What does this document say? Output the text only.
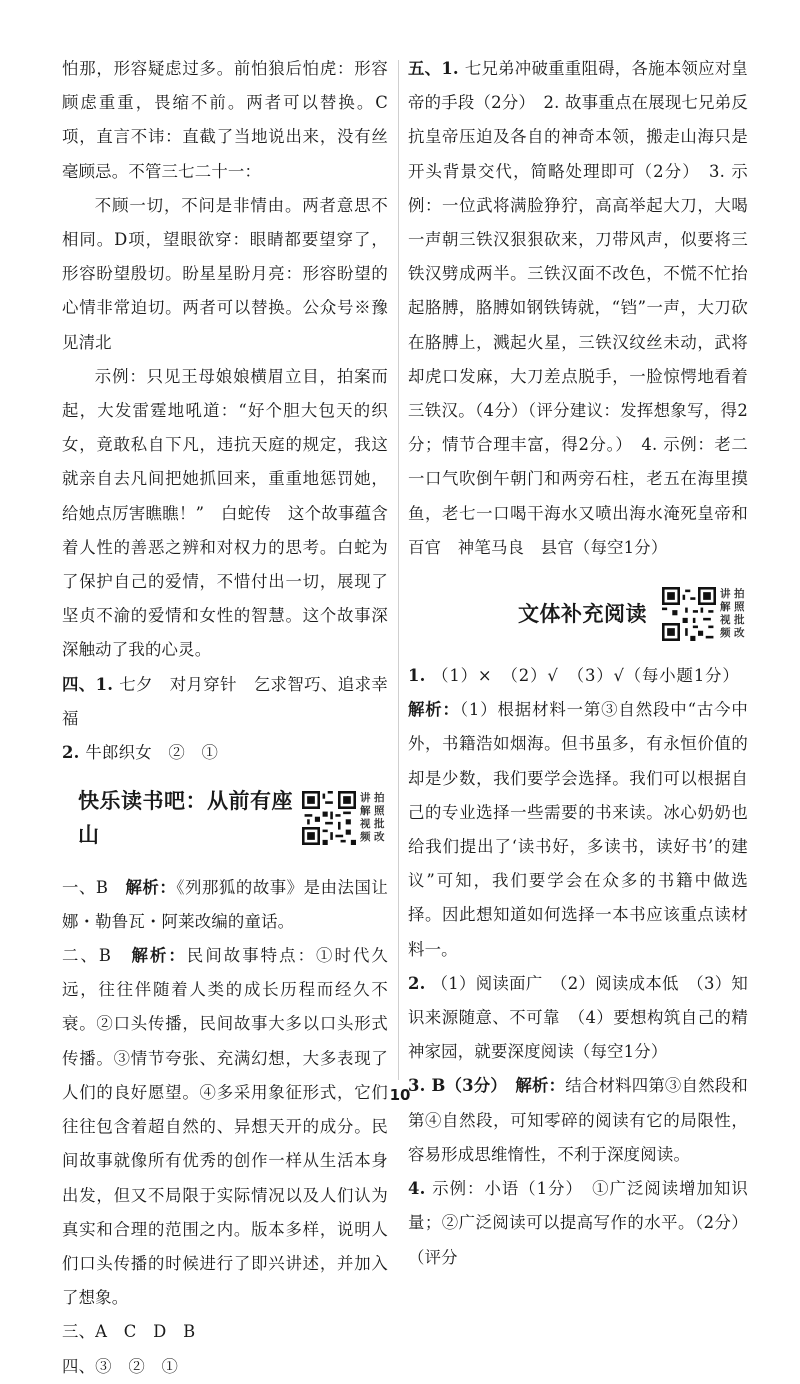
怕那，形容疑虑过多。前怕狼后怕虎：形容顾虑重重，畏缩不前。两者可以替换。C项，直言不讳：直截了当地说出来，没有丝毫顾忌。不管三七二十一：

不顾一切，不问是非情由。两者意思不相同。D项，望眼欲穿：眼睛都要望穿了，形容盼望殷切。盼星星盼月亮：形容盼望的心情非常迫切。两者可以替换。公众号※豫见清北

示例：只见王母娘娘横眉立目，拍案而起，大发雷霆地吼道：“好个胆大包天的织女，竟敢私自下凡，违抗天庭的规定，我这就亲自去凡间把她抓回来，重重地惩罚她，给她点厉害瞧瞧！”　白蛇传　这个故事蕴含着人性的善恶之辨和对权力的思考。白蛇为了保护自己的爱情，不惜付出一切，展现了坚贞不渝的爱情和女性的智慧。这个故事深深触动了我的心灵。

四、1. 七夕　对月穿针　乞求智巧、追求幸福

2. 牛郎织女　②　①

快乐读书吧：从前有座山
讲 拍
解 照
视 批
频 改

一、B　解析：《列那狐的故事》是由法国让娜・勒鲁瓦・阿莱改编的童话。

二、B　解析：民间故事特点：①时代久远，往往伴随着人类的成长历程而经久不衰。②口头传播，民间故事大多以口头形式传播。③情节夸张、充满幻想，大多表现了人们的良好愿望。④多采用象征形式，它们往往包含着超自然的、异想天开的成分。民间故事就像所有优秀的创作一样从生活本身出发，但又不局限于实际情况以及人们认为真实和合理的范围之内。版本多样，说明人们口头传播的时候进行了即兴讲述，并加入了想象。

三、A　C　D　B

四、③　②　①

五、1. 七兄弟冲破重重阻碍，各施本领应对皇帝的手段（2分）　2. 故事重点在展现七兄弟反抗皇帝压迫及各自的神奇本领，搬走山海只是开头背景交代，简略处理即可（2分）　3. 示例：一位武将满脸狰狞，高高举起大刀，大喝一声朝三铁汉狠狠砍来，刀带风声，似要将三铁汉劈成两半。三铁汉面不改色，不慌不忙抬起胳膊，胳膊如钢铁铸就，“铛”一声，大刀砍在胳膊上，溅起火星，三铁汉纹丝未动，武将却虎口发麻，大刀差点脱手，一脸惊愕地看着三铁汉。（4分）（评分建议：发挥想象写，得2分；情节合理丰富，得2分。）　4. 示例：老二一口气吹倒午朝门和两旁石柱，老五在海里摸鱼，老七一口喝干海水又喷出海水淹死皇帝和百官　神笔马良　县官（每空1分）

文体补充阅读
讲 拍
解 照
视 批
频 改

1. （1）×　（2）√　（3）√（每小题1分）　解析：（1）根据材料一第③自然段中“古今中外，书籍浩如烟海。但书虽多，有永恒价值的却是少数，我们要学会选择。我们可以根据自己的专业选择一些需要的书来读。冰心奶奶也给我们提出了‘读书好，多读书，读好书’的建议”可知，我们要学会在众多的书籍中做选择。因此想知道如何选择一本书应该重点读材料一。

2. （1）阅读面广　（2）阅读成本低　（3）知识来源随意、不可靠　（4）要想构筑自己的精神家园，就要深度阅读（每空1分）

3. B（3分）　解析：结合材料四第③自然段和第④自然段，可知零碎的阅读有它的局限性，容易形成思维惰性，不利于深度阅读。

4. 示例：小语（1分）　①广泛阅读增加知识量；②广泛阅读可以提高写作的水平。（2分）（评分

10
